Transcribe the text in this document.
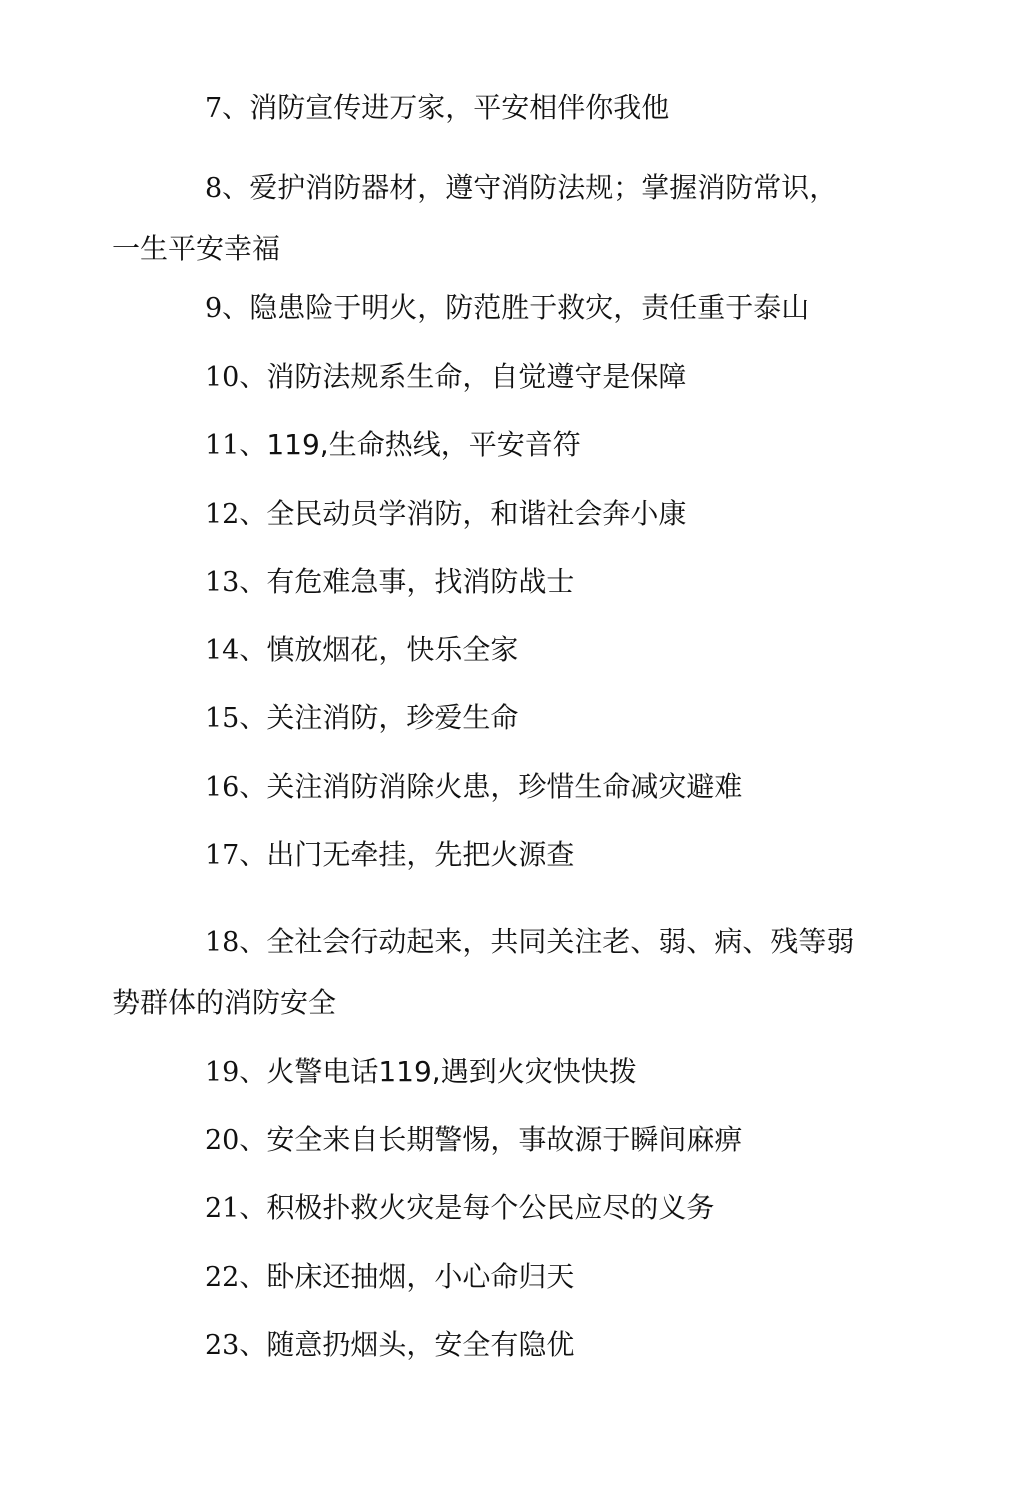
7、消防宣传进万家，平安相伴你我他
8、爱护消防器材，遵守消防法规；掌握消防常识，
一生平安幸福
9、隐患险于明火，防范胜于救灾，责任重于泰山
10、消防法规系生命，自觉遵守是保障
11、119,生命热线，平安音符
12、全民动员学消防，和谐社会奔小康
13、有危难急事，找消防战士
14、慎放烟花，快乐全家
15、关注消防，珍爱生命
16、关注消防消除火患，珍惜生命减灾避难
17、出门无牵挂，先把火源查
18、全社会行动起来，共同关注老、弱、病、残等弱
势群体的消防安全
19、火警电话119,遇到火灾快快拨
20、安全来自长期警惕，事故源于瞬间麻痹
21、积极扑救火灾是每个公民应尽的义务
22、卧床还抽烟，小心命归天
23、随意扔烟头，安全有隐优
